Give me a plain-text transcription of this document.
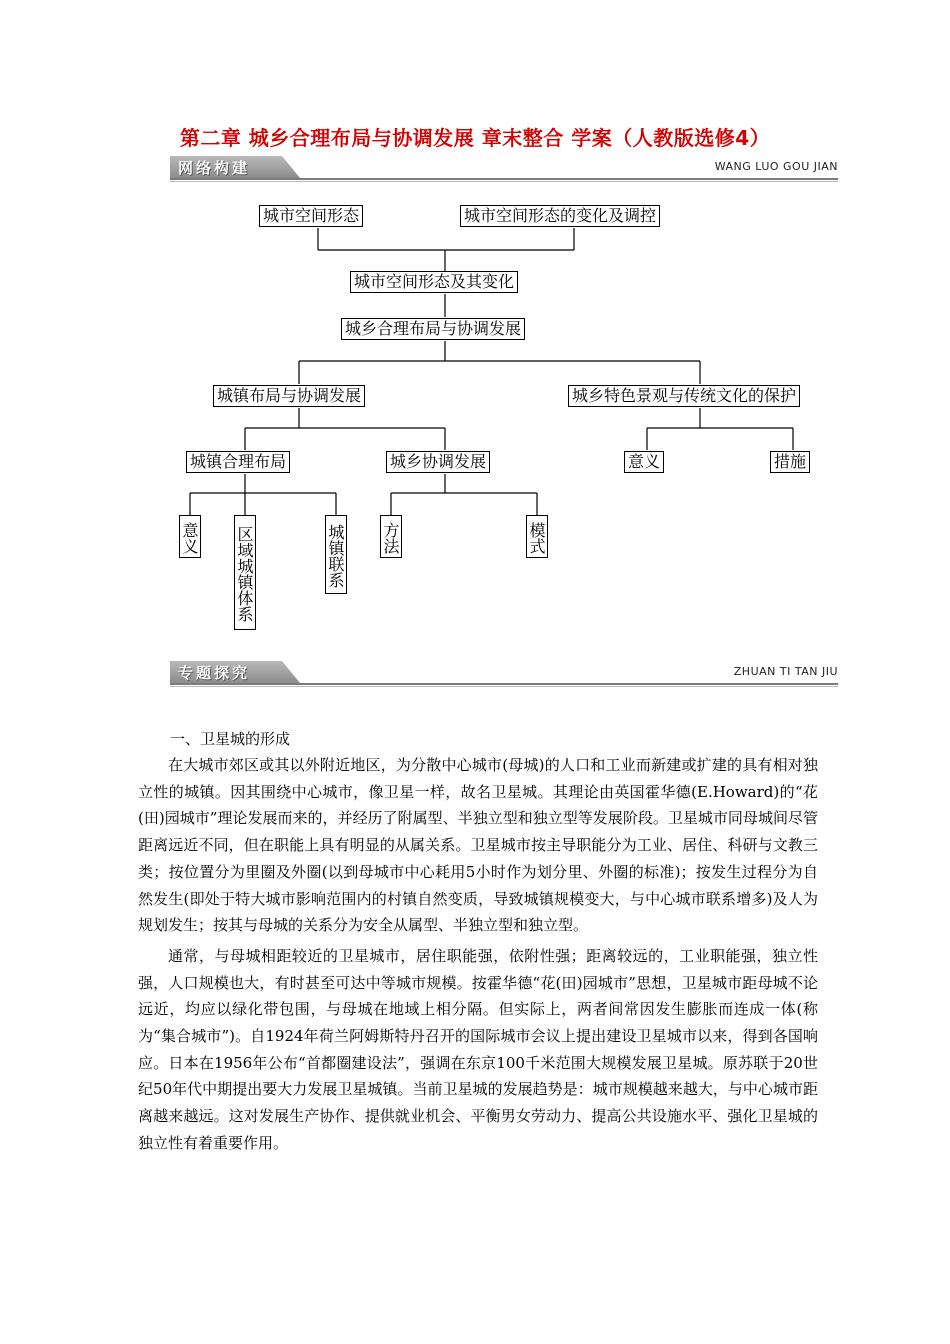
第二章 城乡合理布局与协调发展 章末整合 学案（人教版选修4）
网络构建	WANG LUO GOU JIAN
城市空间形态	城市空间形态的变化及调控
城市空间形态及其变化
城乡合理布局与协调发展
城镇布局与协调发展	城乡特色景观与传统文化的保护
城镇合理布局	城乡协调发展	意义	措施
意义 区域城镇体系	城镇联系 方法	模式
专题探究	ZHUAN TI TAN JIU
一、卫星城的形成

在大城市郊区或其以外附近地区，为分散中心城市(母城)的人口和工业而新建或扩建的具有相对独立性的城镇。因其围绕中心城市，像卫星一样，故名卫星城。其理论由英国霍华德(E.Howard)的“花(田)园城市”理论发展而来的，并经历了附属型、半独立型和独立型等发展阶段。卫星城市同母城间尽管距离远近不同，但在职能上具有明显的从属关系。卫星城市按主导职能分为工业、居住、科研与文教三类；按位置分为里圈及外圈(以到母城市中心耗用5小时作为划分里、外圈的标准)；按发生过程分为自然发生(即处于特大城市影响范围内的村镇自然变质，导致城镇规模变大，与中心城市联系增多)及人为规划发生；按其与母城的关系分为安全从属型、半独立型和独立型。

通常，与母城相距较近的卫星城市，居住职能强，依附性强；距离较远的，工业职能强，独立性强，人口规模也大，有时甚至可达中等城市规模。按霍华德“花(田)园城市”思想，卫星城市距母城不论远近，均应以绿化带包围，与母城在地域上相分隔。但实际上，两者间常因发生膨胀而连成一体(称为“集合城市”)。自1924年荷兰阿姆斯特丹召开的国际城市会议上提出建设卫星城市以来，得到各国响应。日本在1956年公布“首都圈建设法”，强调在东京100千米范围大规模发展卫星城。原苏联于20世纪50年代中期提出要大力发展卫星城镇。当前卫星城的发展趋势是：城市规模越来越大，与中心城市距离越来越远。这对发展生产协作、提供就业机会、平衡男女劳动力、提高公共设施水平、强化卫星城的独立性有着重要作用。
